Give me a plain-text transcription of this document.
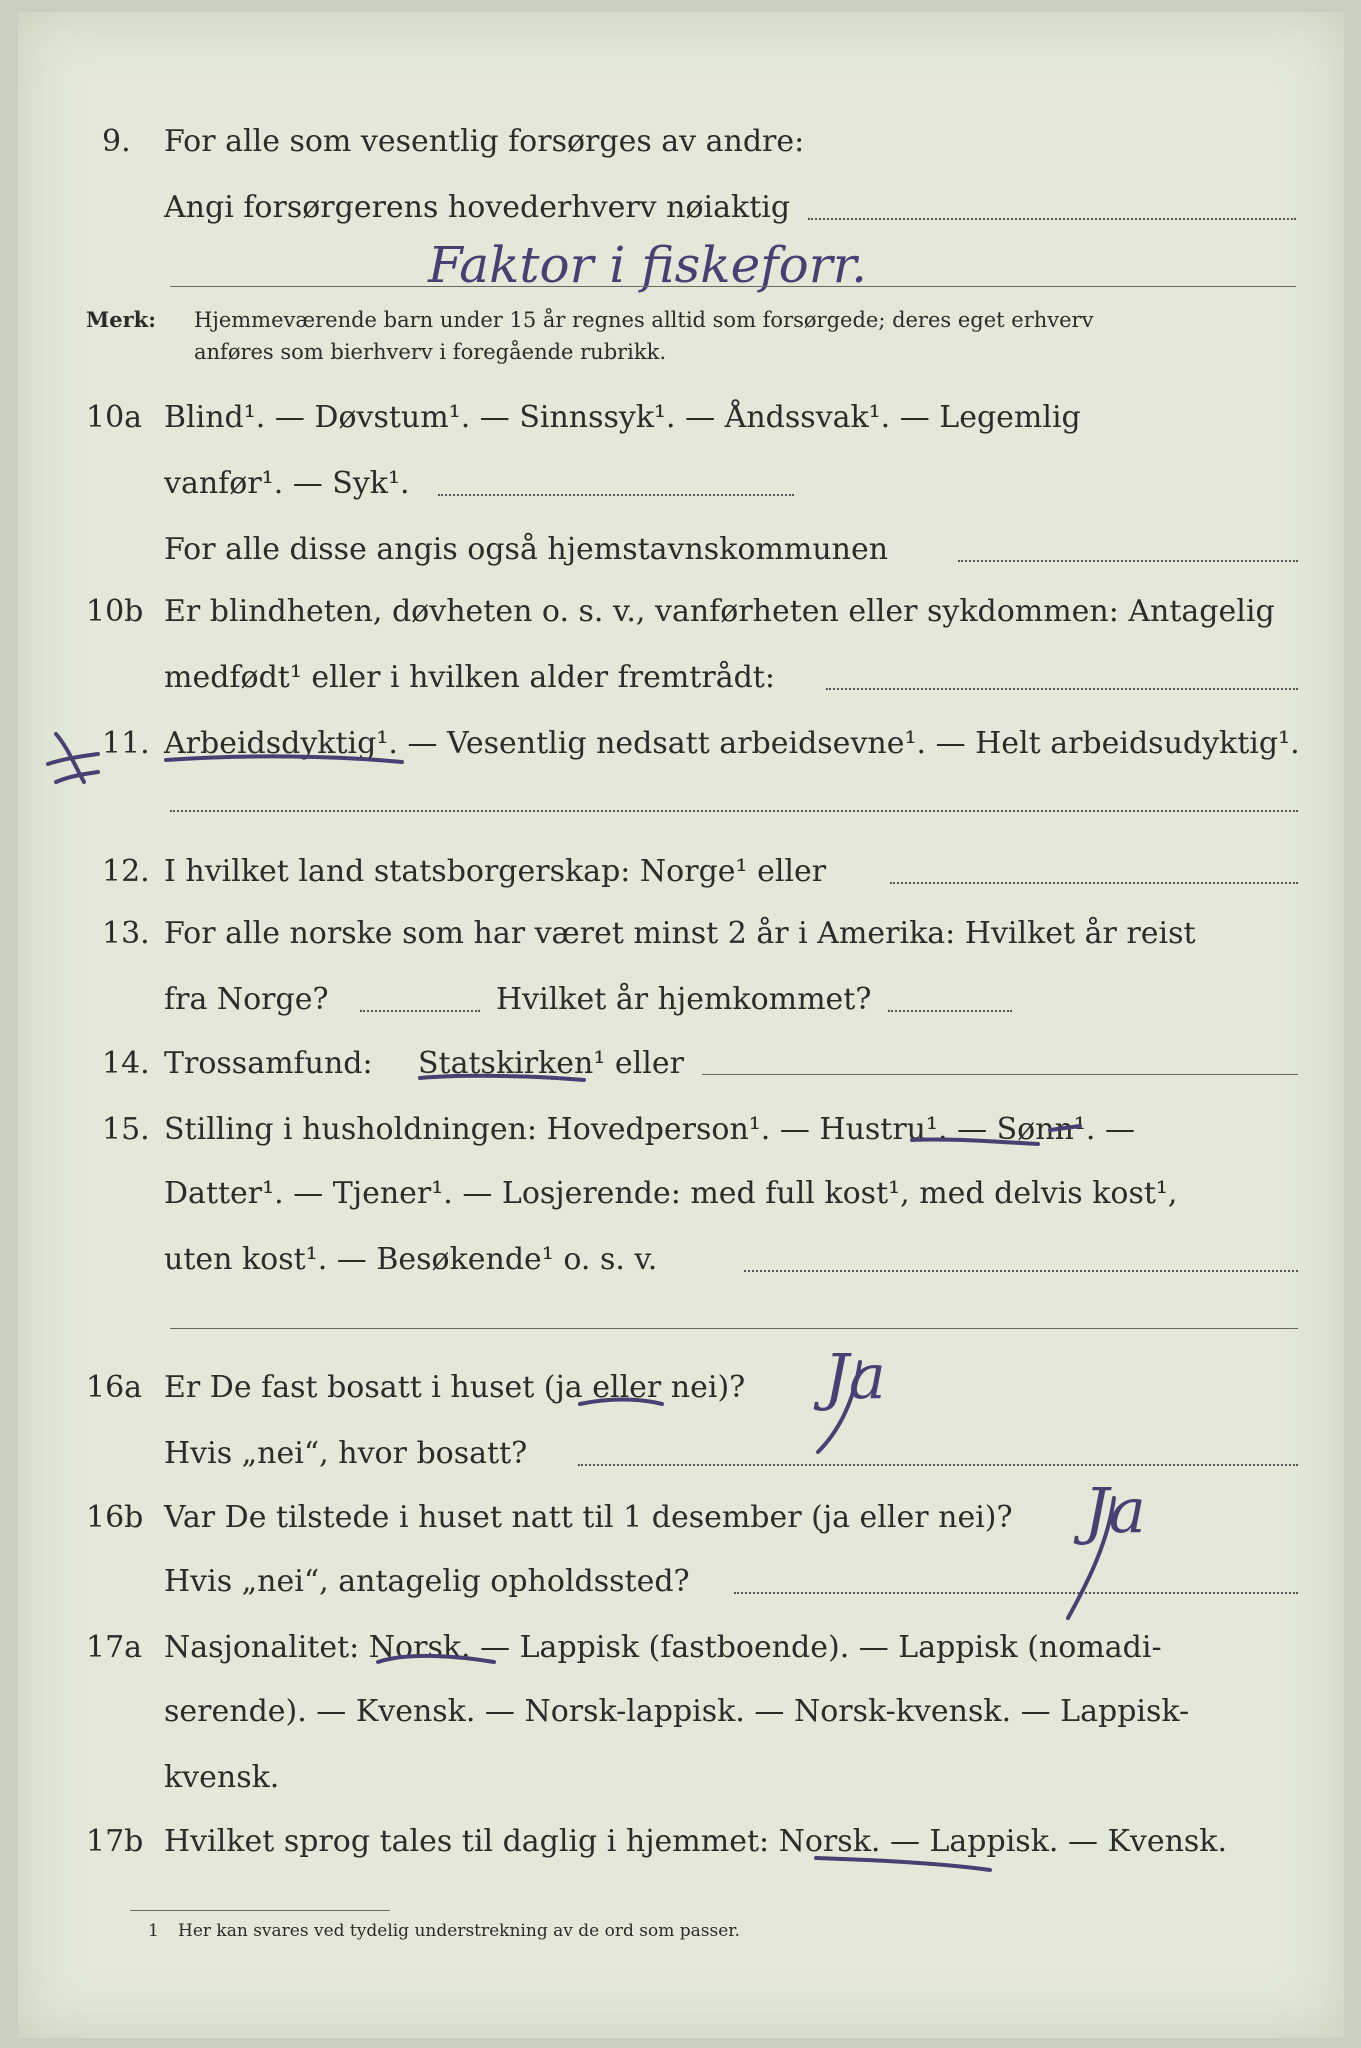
9. For alle som vesentlig forsørges av andre:
Angi forsørgerens hovederhverv nøiaktig
Faktor i fiskeforr.
Merk: Hjemmeværende barn under 15 år regnes alltid som forsørgede; deres eget erhverv
anføres som bierhverv i foregående rubrikk.
10a Blind¹. — Døvstum¹. — Sinnssyk¹. — Åndssvak¹. — Legemlig
vanfør¹. — Syk¹.
For alle disse angis også hjemstavnskommunen
10b Er blindheten, døvheten o. s. v., vanførheten eller sykdommen: Antagelig
medfødt¹ eller i hvilken alder fremtrådt:
11. Arbeidsdyktig¹. — Vesentlig nedsatt arbeidsevne¹. — Helt arbeidsudyktig¹.
12. I hvilket land statsborgerskap: Norge¹ eller
13. For alle norske som har været minst 2 år i Amerika: Hvilket år reist
fra Norge?	Hvilket år hjemkommet?
14. Trossamfund: Statskirken¹ eller
15. Stilling i husholdningen: Hovedperson¹. — Hustru¹. — Sønn¹. —
Datter¹. — Tjener¹. — Losjerende: med full kost¹, med delvis kost¹,
uten kost¹. — Besøkende¹ o. s. v.
16a Er De fast bosatt i huset (ja eller nei)? Ja
Hvis „nei“, hvor bosatt?
16b Var De tilstede i huset natt til 1 desember (ja eller nei)? Ja
Hvis „nei“, antagelig opholdssted?
17a Nasjonalitet: Norsk. — Lappisk (fastboende). — Lappisk (nomadi-
serende). — Kvensk. — Norsk-lappisk. — Norsk-kvensk. — Lappisk-
kvensk.
17b Hvilket sprog tales til daglig i hjemmet: Norsk. — Lappisk. — Kvensk.
1 Her kan svares ved tydelig understrekning av de ord som passer.
